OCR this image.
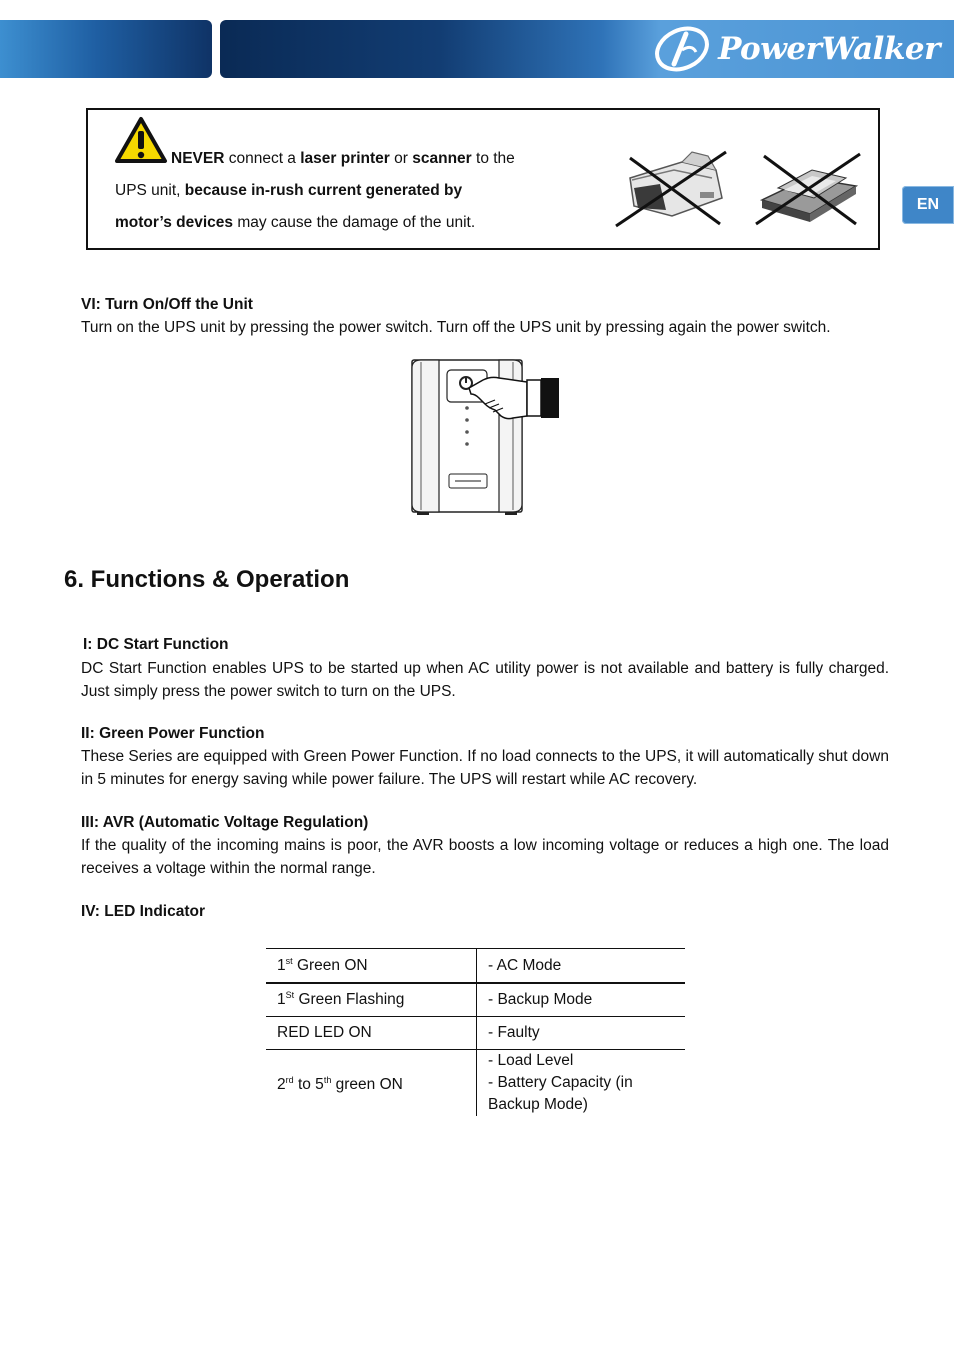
PowerWalker
EN
NEVER connect a laser printer or scanner to the
UPS unit, because in-rush current generated by
motor’s devices may cause the damage of the unit.
VI: Turn On/Off the Unit
Turn on the UPS unit by pressing the power switch. Turn off the UPS unit by pressing again the power switch.
6. Functions & Operation
I: DC Start Function
DC Start Function enables UPS to be started up when AC utility power is not available and battery is fully charged. Just simply press the power switch to turn on the UPS.
II: Green Power Function
These Series are equipped with Green Power Function. If no load connects to the UPS, it will automatically shut down in 5 minutes for energy saving while power failure. The UPS will restart while AC recovery.
III: AVR (Automatic Voltage Regulation)
If the quality of the incoming mains is poor, the AVR boosts a low incoming voltage or reduces a high one. The load receives a voltage within the normal range.
IV: LED Indicator
1st Green ON	- AC Mode
1St Green Flashing	- Backup Mode
RED LED ON	- Faulty
2rd to 5th green ON	- Load Level
- Battery Capacity (in Backup Mode)
